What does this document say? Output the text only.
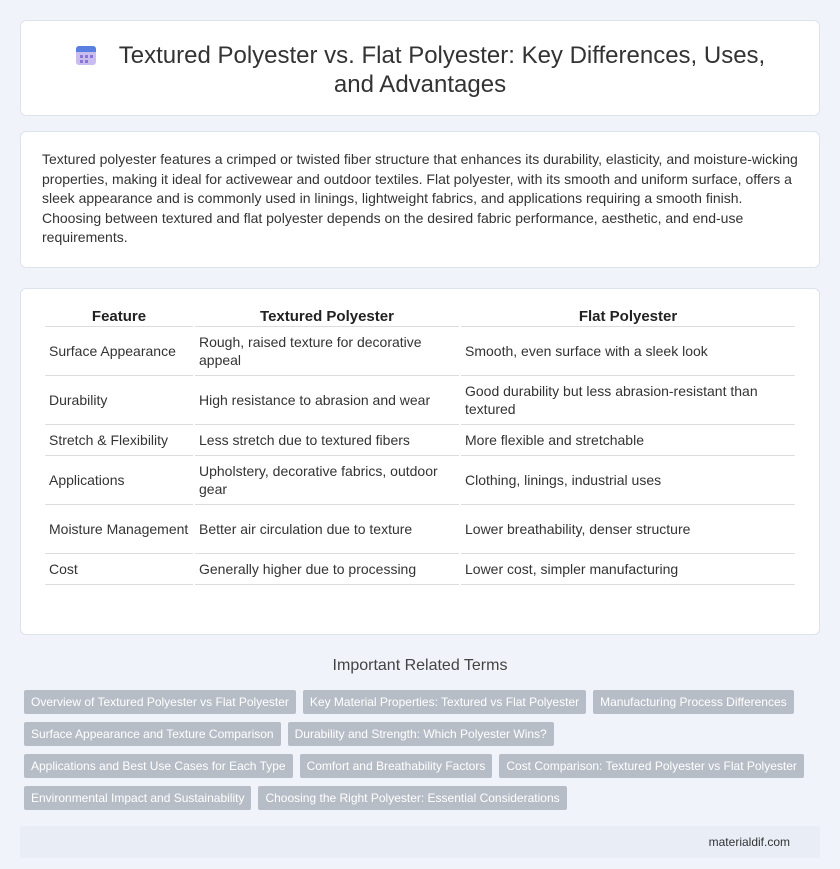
Textured Polyester vs. Flat Polyester: Key Differences, Uses, and Advantages

Textured polyester features a crimped or twisted fiber structure that enhances its durability, elasticity, and moisture-wicking properties, making it ideal for activewear and outdoor textiles. Flat polyester, with its smooth and uniform surface, offers a sleek appearance and is commonly used in linings, lightweight fabrics, and applications requiring a smooth finish. Choosing between textured and flat polyester depends on the desired fabric performance, aesthetic, and end-use requirements.

Feature	Textured Polyester	Flat Polyester
Surface Appearance	Rough, raised texture for decorative appeal	Smooth, even surface with a sleek look
Durability	High resistance to abrasion and wear	Good durability but less abrasion-resistant than textured
Stretch & Flexibility	Less stretch due to textured fibers	More flexible and stretchable
Applications	Upholstery, decorative fabrics, outdoor gear	Clothing, linings, industrial uses
Moisture Management	Better air circulation due to texture	Lower breathability, denser structure
Cost	Generally higher due to processing	Lower cost, simpler manufacturing
Important Related Terms
Overview of Textured Polyester vs Flat Polyester	Key Material Properties: Textured vs Flat Polyester	Manufacturing Process Differences
Surface Appearance and Texture Comparison	Durability and Strength: Which Polyester Wins?
Applications and Best Use Cases for Each Type	Comfort and Breathability Factors	Cost Comparison: Textured Polyester vs Flat Polyester
Environmental Impact and Sustainability	Choosing the Right Polyester: Essential Considerations
materialdif.com
